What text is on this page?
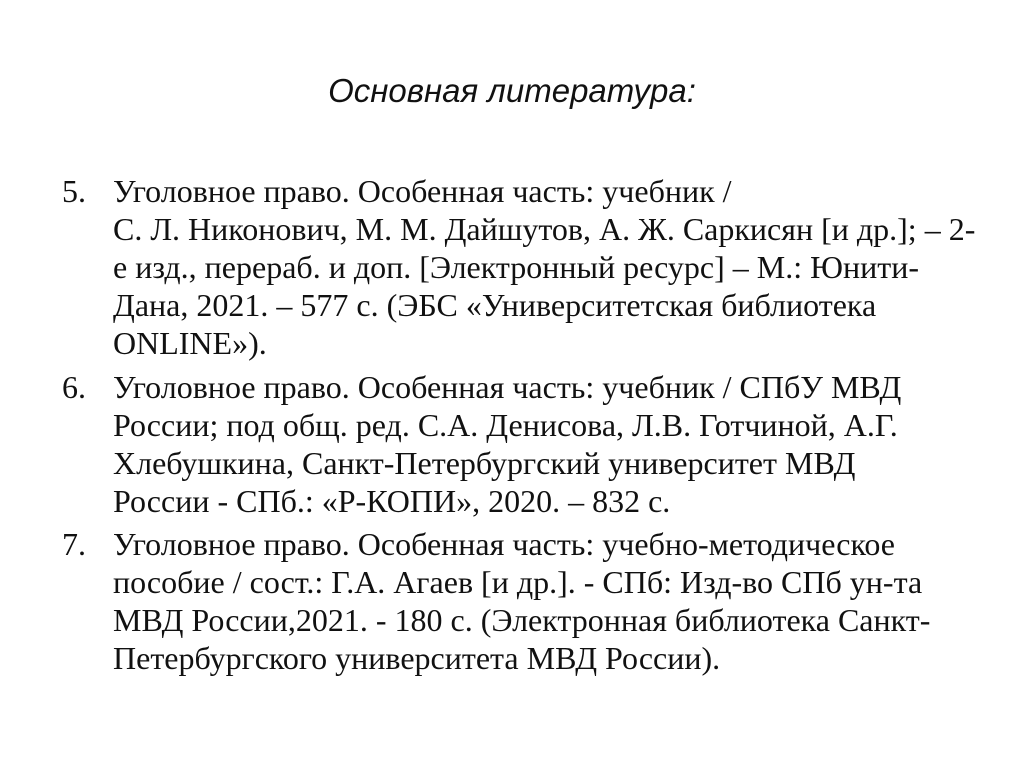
Основная литература:
5. Уголовное право. Особенная часть: учебник /
С. Л. Никонович, М. М. Дайшутов, А. Ж. Саркисян [и др.]; – 2-
е изд., перераб. и доп. [Электронный ресурс] – М.: Юнити-
Дана, 2021. – 577 с. (ЭБС «Университетская библиотека
ONLINE»).
6. Уголовное право. Особенная часть: учебник / СПбУ МВД
России; под общ. ред. С.А. Денисова, Л.В. Готчиной, А.Г.
Хлебушкина, Санкт-Петербургский университет МВД
России - СПб.: «Р-КОПИ», 2020. – 832 с.
7. Уголовное право. Особенная часть: учебно-методическое
пособие / сост.: Г.А. Агаев [и др.]. - СПб: Изд-во СПб ун-та
МВД России,2021. - 180 с. (Электронная библиотека Санкт-
Петербургского университета МВД России).
